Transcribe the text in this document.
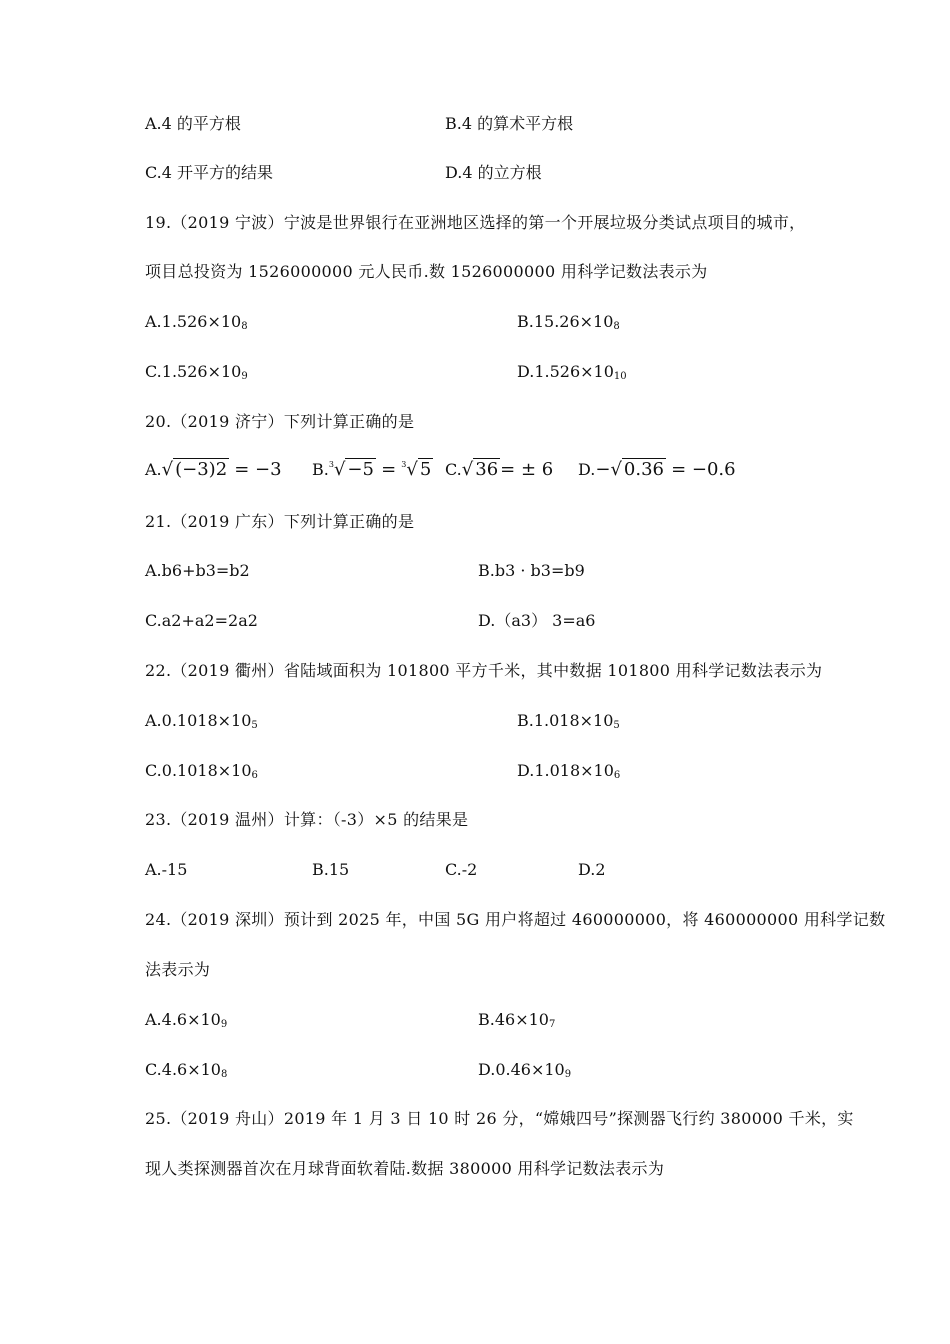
A.4 的平方根	B.4 的算术平方根
C.4 开平方的结果	D.4 的立方根
19.（2019 宁波）宁波是世界银行在亚洲地区选择的第一个开展垃圾分类试点项目的城市，
项目总投资为 1526000000 元人民币.数 1526000000 用科学记数法表示为
$A.1.526\times 10_8$	$B.15.26\times 10_8$
$C.1.526\times 10_9$	$D.1.526\times 10_{10}$
20.（2019 济宁）下列计算正确的是
A.√ (−3)2 = −3 B.$^3$√ −5 = $^3$√ 5 C.√ 36 = ± 6 D.−√ 0.36 = −0.6
21.（2019 广东）下列计算正确的是
A.b6+b3=b2	B.b3 · b3=b9
C.a2+a2=2a2	D.（a3） 3=a6
22.（2019 衢州）省陆域面积为 101800 平方千米，其中数据 101800 用科学记数法表示为
$A.0.1018\times 10_5$	$B.1.018\times 10_5$
$C.0.1018\times 10_6$	$D.1.018\times 10_6$
23.（2019 温州）计算：（-3）×5 的结果是
A.-15	B.15	C.-2	D.2
24.（2019 深圳）预计到 2025 年，中国 5G 用户将超过 460000000，将 460000000 用科学记数
法表示为
$A.4.6\times 10_9$	$B.46\times 10_7$
$C.4.6\times 10_8$	$D.0.46\times 10_9$
25.（2019 舟山）2019 年 1 月 3 日 10 时 26 分，“嫦娥四号”探测器飞行约 380000 千米，实
现人类探测器首次在月球背面软着陆.数据 380000 用科学记数法表示为
